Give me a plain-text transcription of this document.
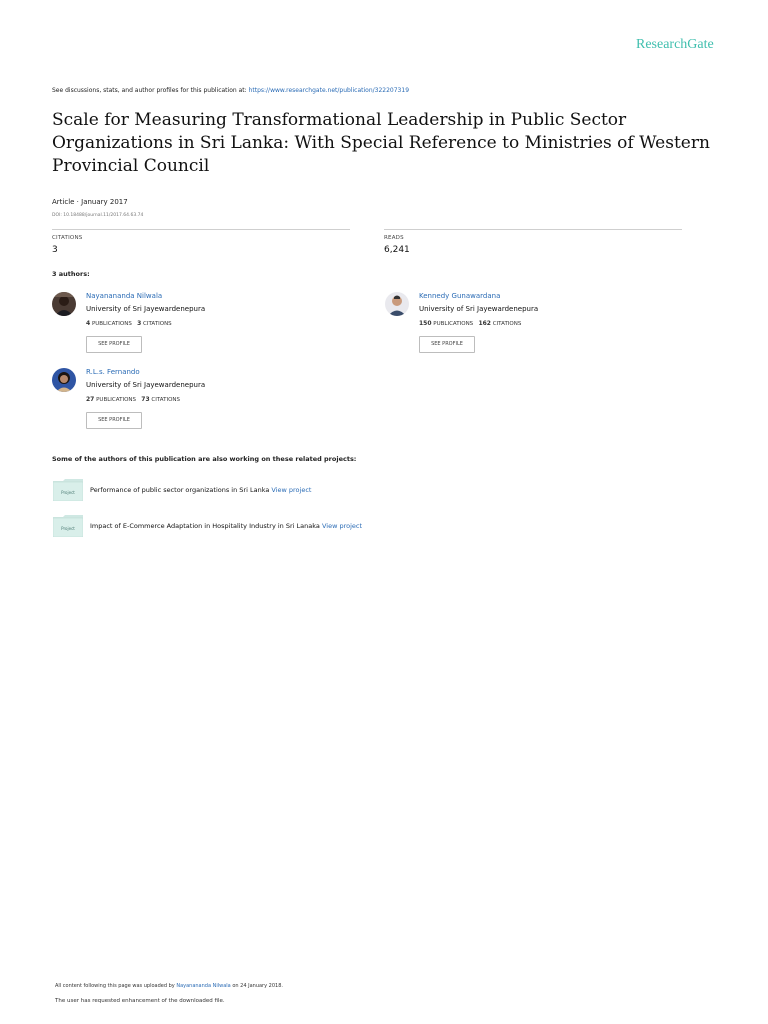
ResearchGate
See discussions, stats, and author profiles for this publication at: https://www.researchgate.net/publication/322207319
Scale for Measuring Transformational Leadership in Public Sector Organizations in Sri Lanka: With Special Reference to Ministries of Western Provincial Council
Article · January 2017
DOI: 10.18488/journal.11/2017.64.63.74
CITATIONS
3
READS
6,241
3 authors:
Nayanananda Nilwala
University of Sri Jayewardenepura
4 PUBLICATIONS 3 CITATIONS
SEE PROFILE
Kennedy Gunawardana
University of Sri Jayewardenepura
150 PUBLICATIONS 162 CITATIONS
SEE PROFILE
R.L.s. Fernando
University of Sri Jayewardenepura
27 PUBLICATIONS 73 CITATIONS
SEE PROFILE
Some of the authors of this publication are also working on these related projects:
Project Performance of public sector organizations in Sri Lanka View project
Project Impact of E-Commerce Adaptation in Hospitality Industry in Sri Lanaka View project
All content following this page was uploaded by Nayanananda Nilwala on 24 January 2018.
The user has requested enhancement of the downloaded file.
